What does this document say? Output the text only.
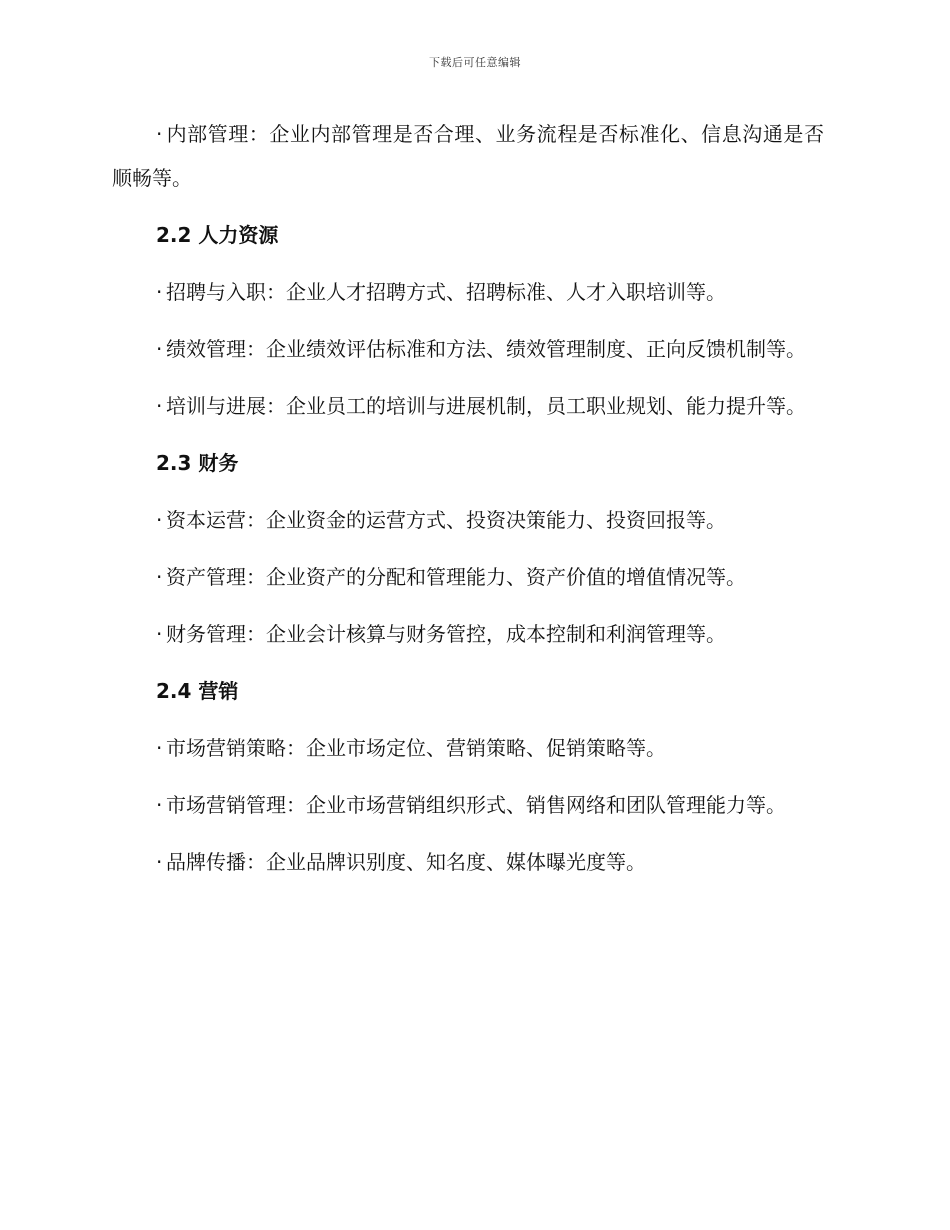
下载后可任意编辑

· 内部管理：企业内部管理是否合理、业务流程是否标准化、信息沟通是否顺畅等。

2.2 人力资源

· 招聘与入职：企业人才招聘方式、招聘标准、人才入职培训等。

· 绩效管理：企业绩效评估标准和方法、绩效管理制度、正向反馈机制等。

· 培训与进展：企业员工的培训与进展机制，员工职业规划、能力提升等。

2.3 财务

· 资本运营：企业资金的运营方式、投资决策能力、投资回报等。

· 资产管理：企业资产的分配和管理能力、资产价值的增值情况等。

· 财务管理：企业会计核算与财务管控，成本控制和利润管理等。

2.4 营销

· 市场营销策略：企业市场定位、营销策略、促销策略等。

· 市场营销管理：企业市场营销组织形式、销售网络和团队管理能力等。

· 品牌传播：企业品牌识别度、知名度、媒体曝光度等。
